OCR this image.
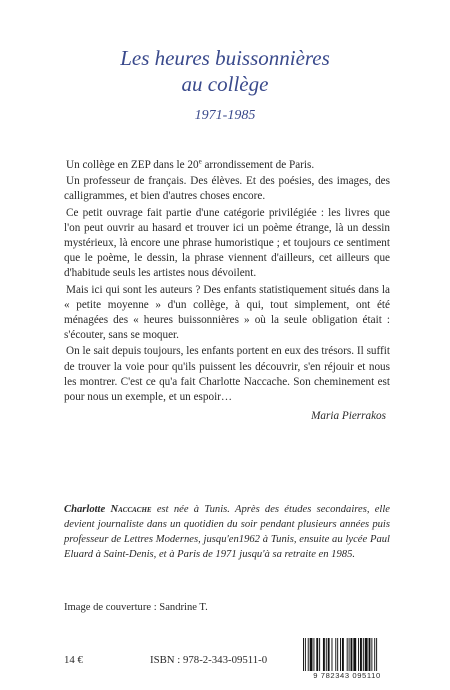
Les heures buissonnières
au collège
1971-1985

Un collège en ZEP dans le 20e arrondissement de Paris.

Un professeur de français. Des élèves. Et des poésies, des images, des calligrammes, et bien d'autres choses encore.

Ce petit ouvrage fait partie d'une catégorie privilégiée : les livres que l'on peut ouvrir au hasard et trouver ici un poème étrange, là un dessin mystérieux, là encore une phrase humoristique ; et toujours ce sentiment que le poème, le dessin, la phrase viennent d'ailleurs, cet ailleurs que d'habitude seuls les artistes nous dévoilent.

Mais ici qui sont les auteurs ? Des enfants statistiquement situés dans la « petite moyenne » d'un collège, à qui, tout simplement, ont été ménagées des « heures buissonnières » où la seule obligation était : s'écouter, sans se moquer.

On le sait depuis toujours, les enfants portent en eux des trésors. Il suffit de trouver la voie pour qu'ils puissent les découvrir, s'en réjouir et nous les montrer. C'est ce qu'a fait Charlotte Naccache. Son cheminement est pour nous un exemple, et un espoir…

Maria Pierrakos

Charlotte Naccache est née à Tunis. Après des études secondaires, elle devient journaliste dans un quotidien du soir pendant plusieurs années puis professeur de Lettres Modernes, jusqu'en1962 à Tunis, ensuite au lycée Paul Eluard à Saint-Denis, et à Paris de 1971 jusqu'à sa retraite en 1985.
Image de couverture : Sandrine T.
14 €	ISBN : 978-2-343-09511-0
9 782343 095110
